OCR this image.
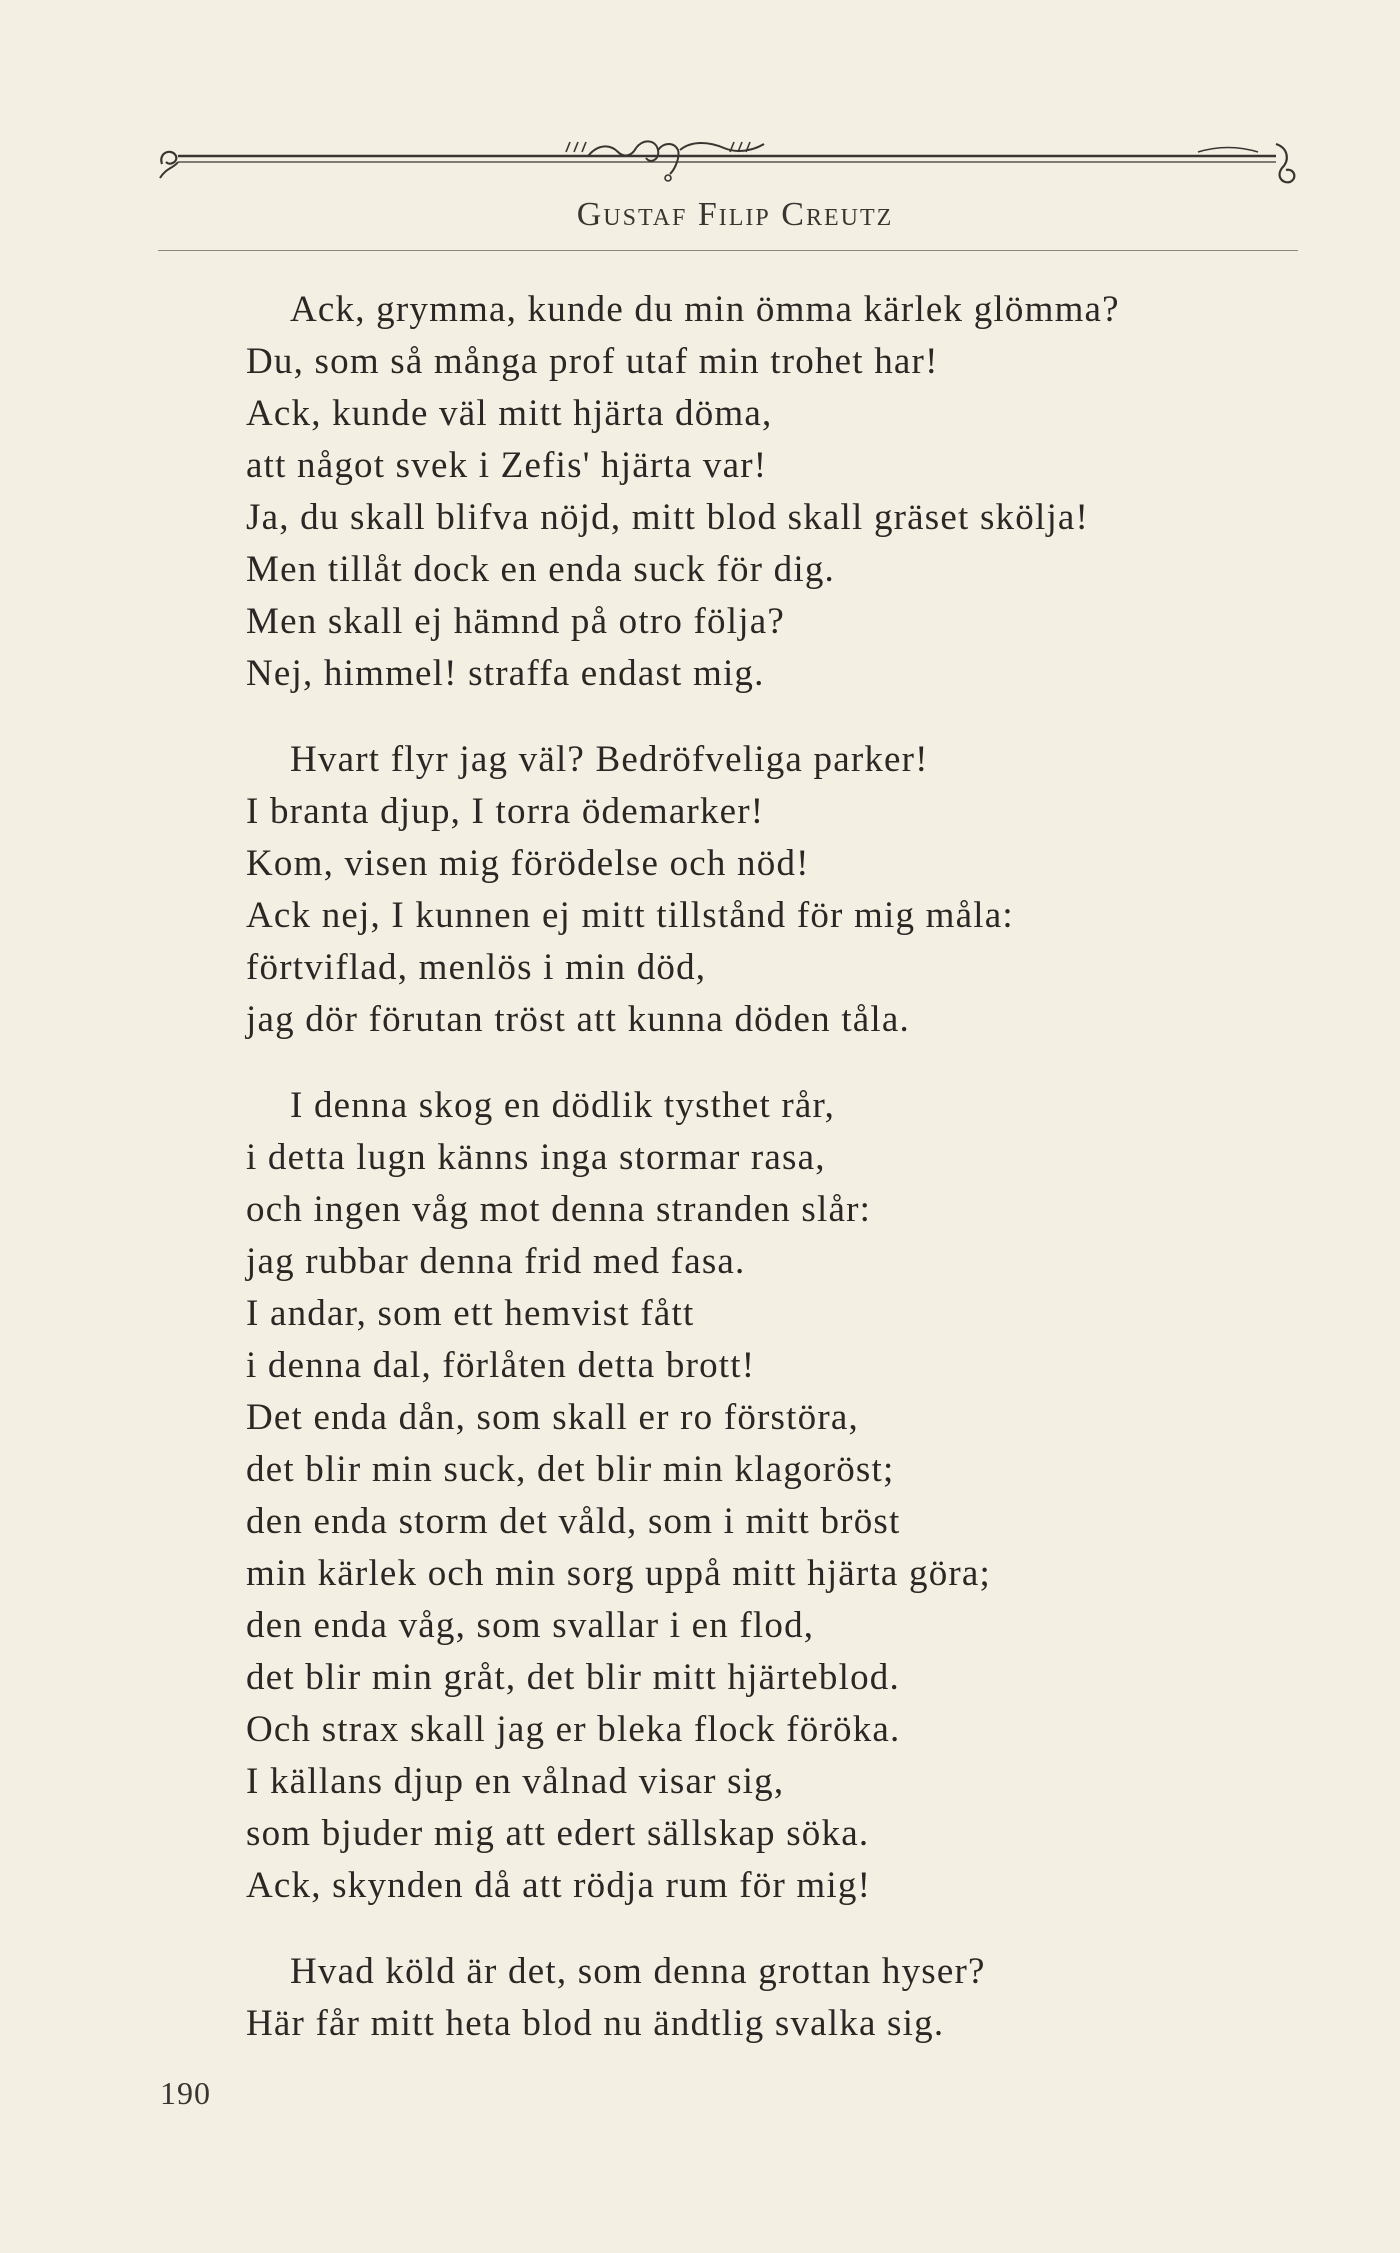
Gustaf Filip Creutz
Ack, grymma, kunde du min ömma kärlek glömma?
Du, som så många prof utaf min trohet har!
Ack, kunde väl mitt hjärta döma,
att något svek i Zefis' hjärta var!
Ja, du skall blifva nöjd, mitt blod skall gräset skölja!
Men tillåt dock en enda suck för dig.
Men skall ej hämnd på otro följa?
Nej, himmel! straffa endast mig.
Hvart flyr jag väl? Bedröfveliga parker!
I branta djup, I torra ödemarker!
Kom, visen mig förödelse och nöd!
Ack nej, I kunnen ej mitt tillstånd för mig måla:
förtviflad, menlös i min död,
jag dör förutan tröst att kunna döden tåla.
I denna skog en dödlik tysthet rår,
i detta lugn känns inga stormar rasa,
och ingen våg mot denna stranden slår:
jag rubbar denna frid med fasa.
I andar, som ett hemvist fått
i denna dal, förlåten detta brott!
Det enda dån, som skall er ro förstöra,
det blir min suck, det blir min klagoröst;
den enda storm det våld, som i mitt bröst
min kärlek och min sorg uppå mitt hjärta göra;
den enda våg, som svallar i en flod,
det blir min gråt, det blir mitt hjärteblod.
Och strax skall jag er bleka flock föröka.
I källans djup en vålnad visar sig,
som bjuder mig att edert sällskap söka.
Ack, skynden då att rödja rum för mig!
Hvad köld är det, som denna grottan hyser?
Här får mitt heta blod nu ändtlig svalka sig.
190
